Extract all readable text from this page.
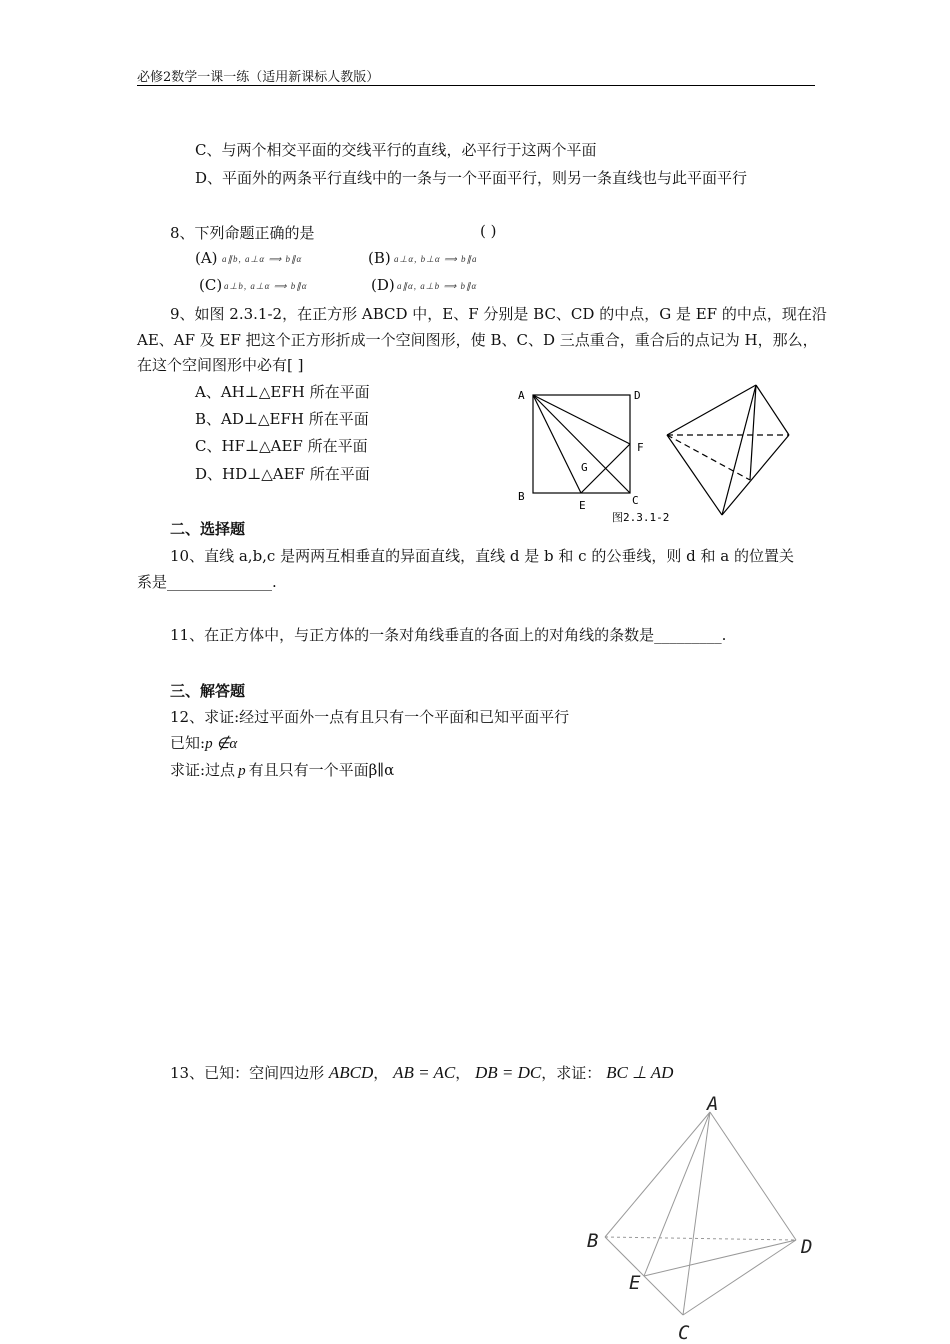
必修2数学一课一练（适用新课标人教版）
C、与两个相交平面的交线平行的直线，必平行于这两个平面
D、平面外的两条平行直线中的一条与一个平面平行，则另一条直线也与此平面平行
8、下列命题正确的是	( )
(A) a∥b, a⊥α ⟹ b∥α	(B) a⊥α, b⊥α ⟹ b∥a
(C) a⊥b, a⊥α ⟹ b∥α	(D) a∥α, a⊥b ⟹ b∥α
9、如图 2.3.1-2，在正方形 ABCD 中，E、F 分别是 BC、CD 的中点，G 是 EF 的中点，现在沿
AE、AF 及 EF 把这个正方形折成一个空间图形，使 B、C、D 三点重合，重合后的点记为 H，那么，
在这个空间图形中必有[ ]
A、AH⊥△EFH 所在平面
B、AD⊥△EFH 所在平面
C、HF⊥△AEF 所在平面
D、HD⊥△AEF 所在平面
A	D
B	C
E
F
G
图2.3.1-2
二、选择题
10、直线 a,b,c 是两两互相垂直的异面直线，直线 d 是 b 和 c 的公垂线，则 d 和 a 的位置关
系是______________.
11、在正方体中，与正方体的一条对角线垂直的各面上的对角线的条数是_________.
三、解答题
12、求证:经过平面外一点有且只有一个平面和已知平面平行
已知:p ∉α
求证:过点 p 有且只有一个平面β∥α
13、已知：空间四边形 ABCD， AB = AC， DB = DC，求证： BC ⊥ AD
A
B
C
D
E
